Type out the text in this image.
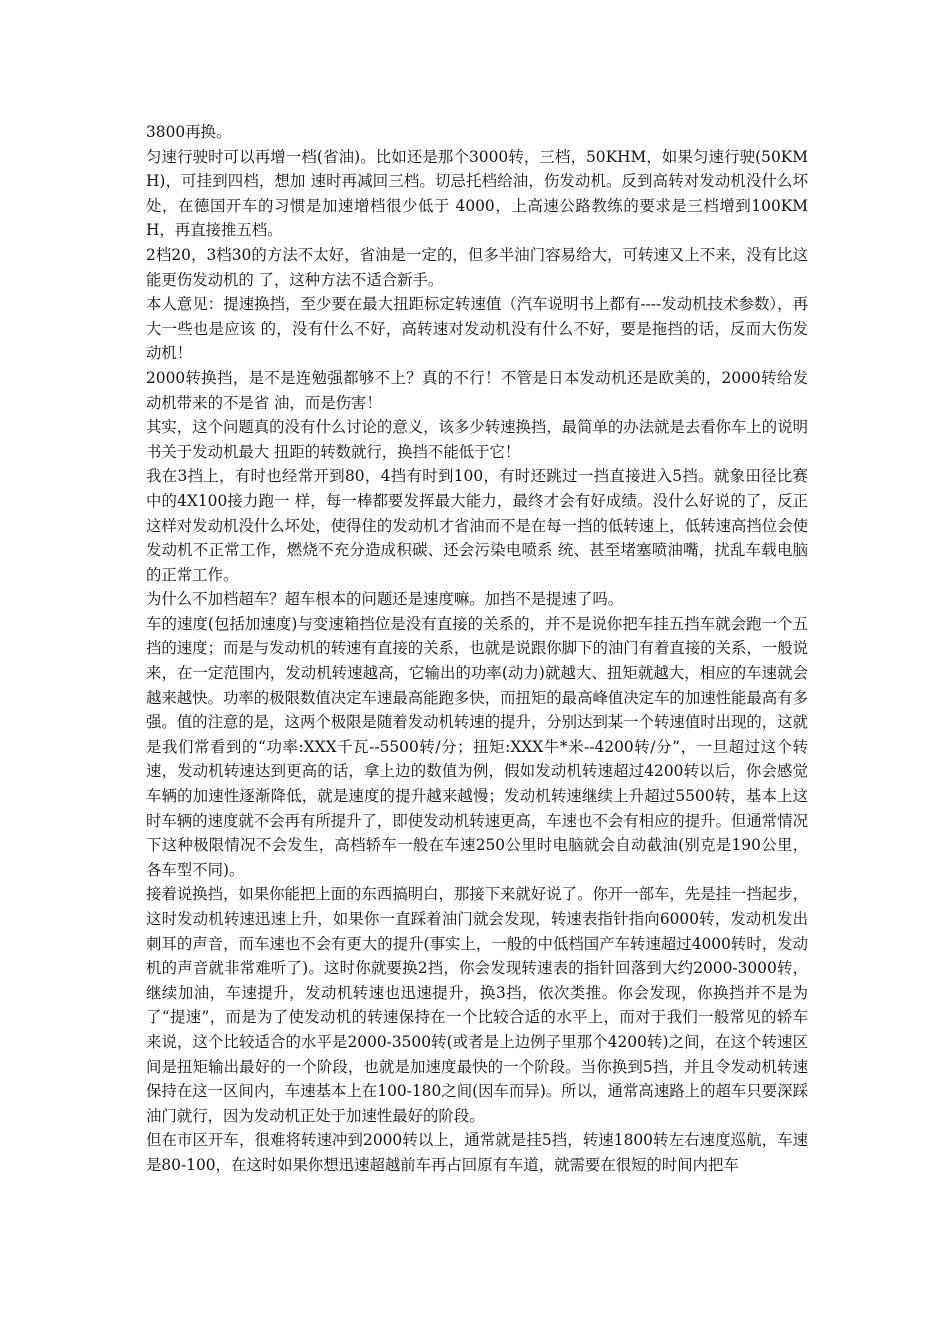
3800再换。

匀速行驶时可以再增一档(省油)。比如还是那个3000转，三档，50KHM，如果匀速行驶(50KMH)，可挂到四档，想加 速时再减回三档。切忌托档给油，伤发动机。反到高转对发动机没什么坏处，在德国开车的习惯是加速增档很少低于 4000，上高速公路教练的要求是三档增到100KMH，再直接推五档。

2档20，3档30的方法不太好，省油是一定的，但多半油门容易给大，可转速又上不来，没有比这能更伤发动机的 了，这种方法不适合新手。

本人意见：提速换挡，至少要在最大扭距标定转速值（汽车说明书上都有----发动机技术参数），再大一些也是应该 的，没有什么不好，高转速对发动机没有什么不好，要是拖挡的话，反而大伤发动机！

2000转换挡，是不是连勉强都够不上？真的不行！不管是日本发动机还是欧美的，2000转给发动机带来的不是省 油，而是伤害！

其实，这个问题真的没有什么讨论的意义，该多少转速换挡，最简单的办法就是去看你车上的说明书关于发动机最大 扭距的转数就行，换挡不能低于它！

我在3挡上，有时也经常开到80，4挡有时到100，有时还跳过一挡直接进入5挡。就象田径比赛中的4X100接力跑一 样，每一棒都要发挥最大能力，最终才会有好成绩。没什么好说的了，反正这样对发动机没什么坏处，使得住的发动机才省油而不是在每一挡的低转速上，低转速高挡位会使发动机不正常工作，燃烧不充分造成积碳、还会污染电喷系 统、甚至堵塞喷油嘴，扰乱车载电脑的正常工作。

为什么不加档超车？超车根本的问题还是速度嘛。加挡不是提速了吗。

车的速度(包括加速度)与变速箱挡位是没有直接的关系的，并不是说你把车挂五挡车就会跑一个五挡的速度；而是与发动机的转速有直接的关系，也就是说跟你脚下的油门有着直接的关系，一般说来，在一定范围内，发动机转速越高，它输出的功率(动力)就越大、扭矩就越大，相应的车速就会越来越快。功率的极限数值决定车速最高能跑多快，而扭矩的最高峰值决定车的加速性能最高有多强。值的注意的是，这两个极限是随着发动机转速的提升，分别达到某一个转速值时出现的，这就是我们常看到的“功率:XXX千瓦--5500转/分；扭矩:XXX牛*米--4200转/分”，一旦超过这个转速，发动机转速达到更高的话，拿上边的数值为例，假如发动机转速超过4200转以后，你会感觉车辆的加速性逐渐降低，就是速度的提升越来越慢；发动机转速继续上升超过5500转，基本上这时车辆的速度就不会再有所提升了，即使发动机转速更高，车速也不会有相应的提升。但通常情况下这种极限情况不会发生，高档轿车一般在车速250公里时电脑就会自动截油(别克是190公里，各车型不同)。

接着说换挡，如果你能把上面的东西搞明白，那接下来就好说了。你开一部车，先是挂一挡起步，这时发动机转速迅速上升，如果你一直踩着油门就会发现，转速表指针指向6000转，发动机发出刺耳的声音，而车速也不会有更大的提升(事实上，一般的中低档国产车转速超过4000转时，发动机的声音就非常难听了)。这时你就要换2挡，你会发现转速表的指针回落到大约2000-3000转，继续加油，车速提升，发动机转速也迅速提升，换3挡，依次类推。你会发现，你换挡并不是为了“提速”，而是为了使发动机的转速保持在一个比较合适的水平上，而对于我们一般常见的轿车来说，这个比较适合的水平是2000-3500转(或者是上边例子里那个4200转)之间，在这个转速区间是扭矩输出最好的一个阶段，也就是加速度最快的一个阶段。当你换到5挡，并且令发动机转速保持在这一区间内，车速基本上在100-180之间(因车而异)。所以，通常高速路上的超车只要深踩油门就行，因为发动机正处于加速性最好的阶段。

但在市区开车，很难将转速冲到2000转以上，通常就是挂5挡，转速1800转左右速度巡航，车速是80-100，在这时如果你想迅速超越前车再占回原有车道，就需要在很短的时间内把车
